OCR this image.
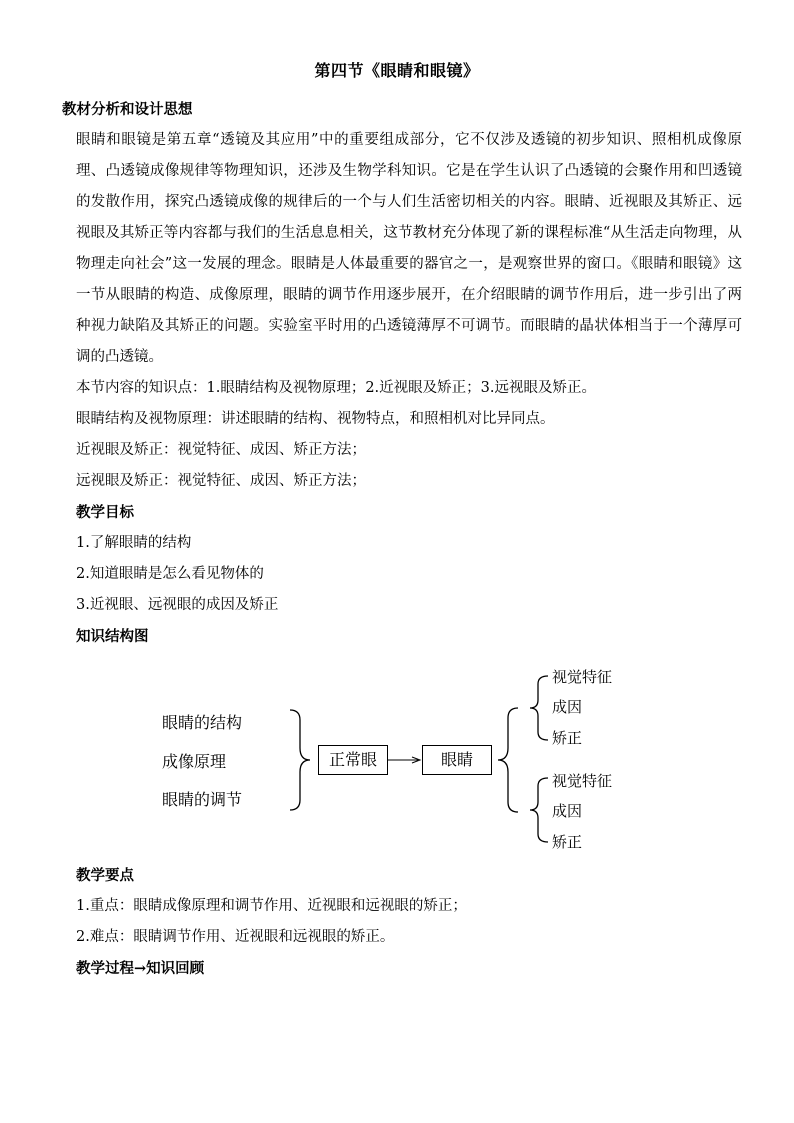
第四节《眼睛和眼镜》
教材分析和设计思想

眼睛和眼镜是第五章“透镜及其应用”中的重要组成部分，它不仅涉及透镜的初步知识、照相机成像原理、凸透镜成像规律等物理知识，还涉及生物学科知识。它是在学生认识了凸透镜的会聚作用和凹透镜的发散作用，探究凸透镜成像的规律后的一个与人们生活密切相关的内容。眼睛、近视眼及其矫正、远视眼及其矫正等内容都与我们的生活息息相关，这节教材充分体现了新的课程标准“从生活走向物理，从物理走向社会”这一发展的理念。眼睛是人体最重要的器官之一，是观察世界的窗口。《眼睛和眼镜》这一节从眼睛的构造、成像原理，眼睛的调节作用逐步展开，在介绍眼睛的调节作用后，进一步引出了两种视力缺陷及其矫正的问题。实验室平时用的凸透镜薄厚不可调节。而眼睛的晶状体相当于一个薄厚可调的凸透镜。

本节内容的知识点：1.眼睛结构及视物原理；2.近视眼及矫正；3.远视眼及矫正。

眼睛结构及视物原理：讲述眼睛的结构、视物特点，和照相机对比异同点。

近视眼及矫正：视觉特征、成因、矫正方法；

远视眼及矫正：视觉特征、成因、矫正方法；

教学目标

1.了解眼睛的结构

2.知道眼睛是怎么看见物体的

3.近视眼、远视眼的成因及矫正

知识结构图
眼睛的结构
成像原理
眼睛的调节
正常眼	眼睛
视觉特征
成因
矫正
视觉特征
成因
矫正
教学要点

1.重点：眼睛成像原理和调节作用、近视眼和远视眼的矫正；

2.难点：眼睛调节作用、近视眼和远视眼的矫正。

教学过程→知识回顾
